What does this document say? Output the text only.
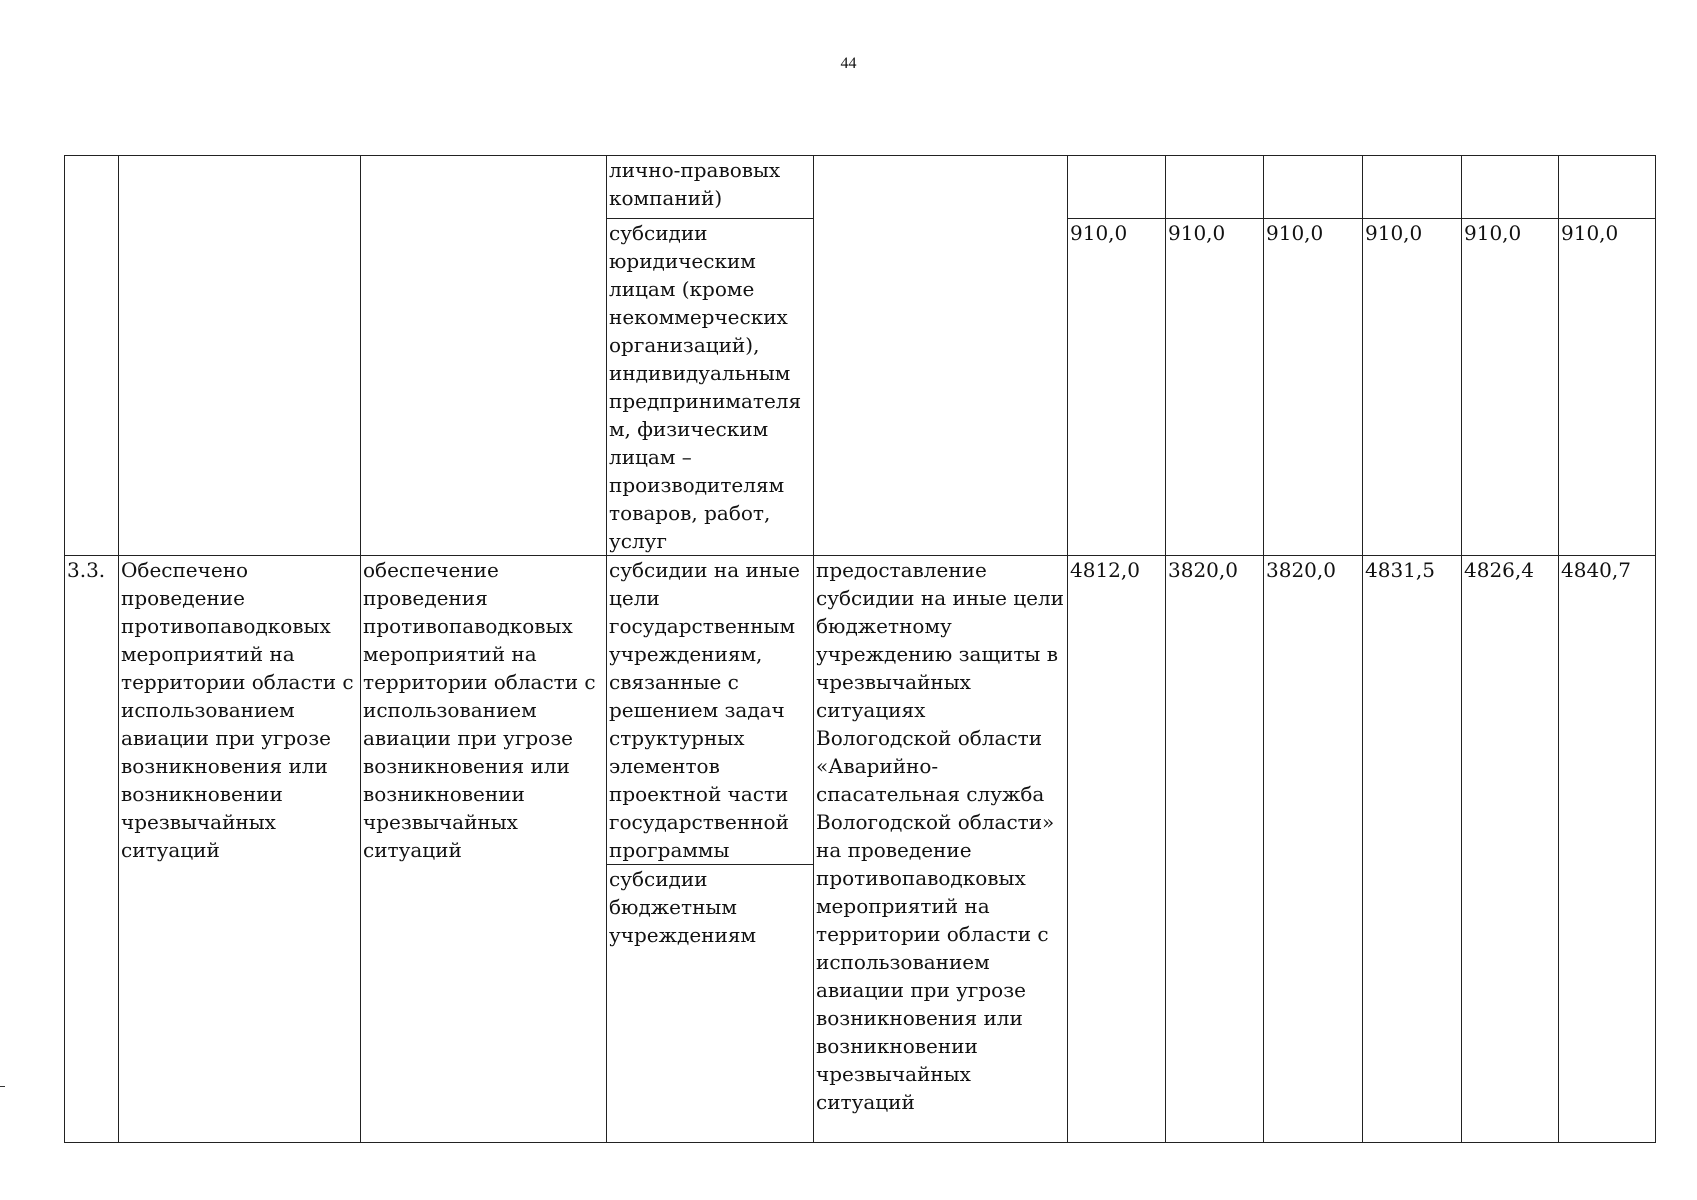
44

			лично-правовых компаний)							

			субсидии юридическим лицам (кроме некоммерческих организаций), индивидуальным предпринимателям, физическим лицам – производителям товаров, работ, услуг		910,0	910,0	910,0	910,0	910,0	910,0
3.3.	Обеспечено проведение противопаводковых мероприятий на территории области с использованием авиации при угрозе возникновения или возникновении чрезвычайных ситуаций	обеспечение проведения противопаводковых мероприятий на территории области с использованием авиации при угрозе возникновения или возникновении чрезвычайных ситуаций	субсидии на иные цели государственным учреждениям, связанные с решением задач структурных элементов проектной части государственной программы	предоставление субсидии на иные цели бюджетному учреждению защиты в чрезвычайных ситуациях Вологодской области «Аварийно-спасательная служба Вологодской области» на проведение противопаводковых мероприятий на территории области с использованием авиации при угрозе возникновения или возникновении чрезвычайных ситуаций	4812,0	3820,0	3820,0	4831,5	4826,4	4840,7

			субсидии бюджетным учреждениям							
